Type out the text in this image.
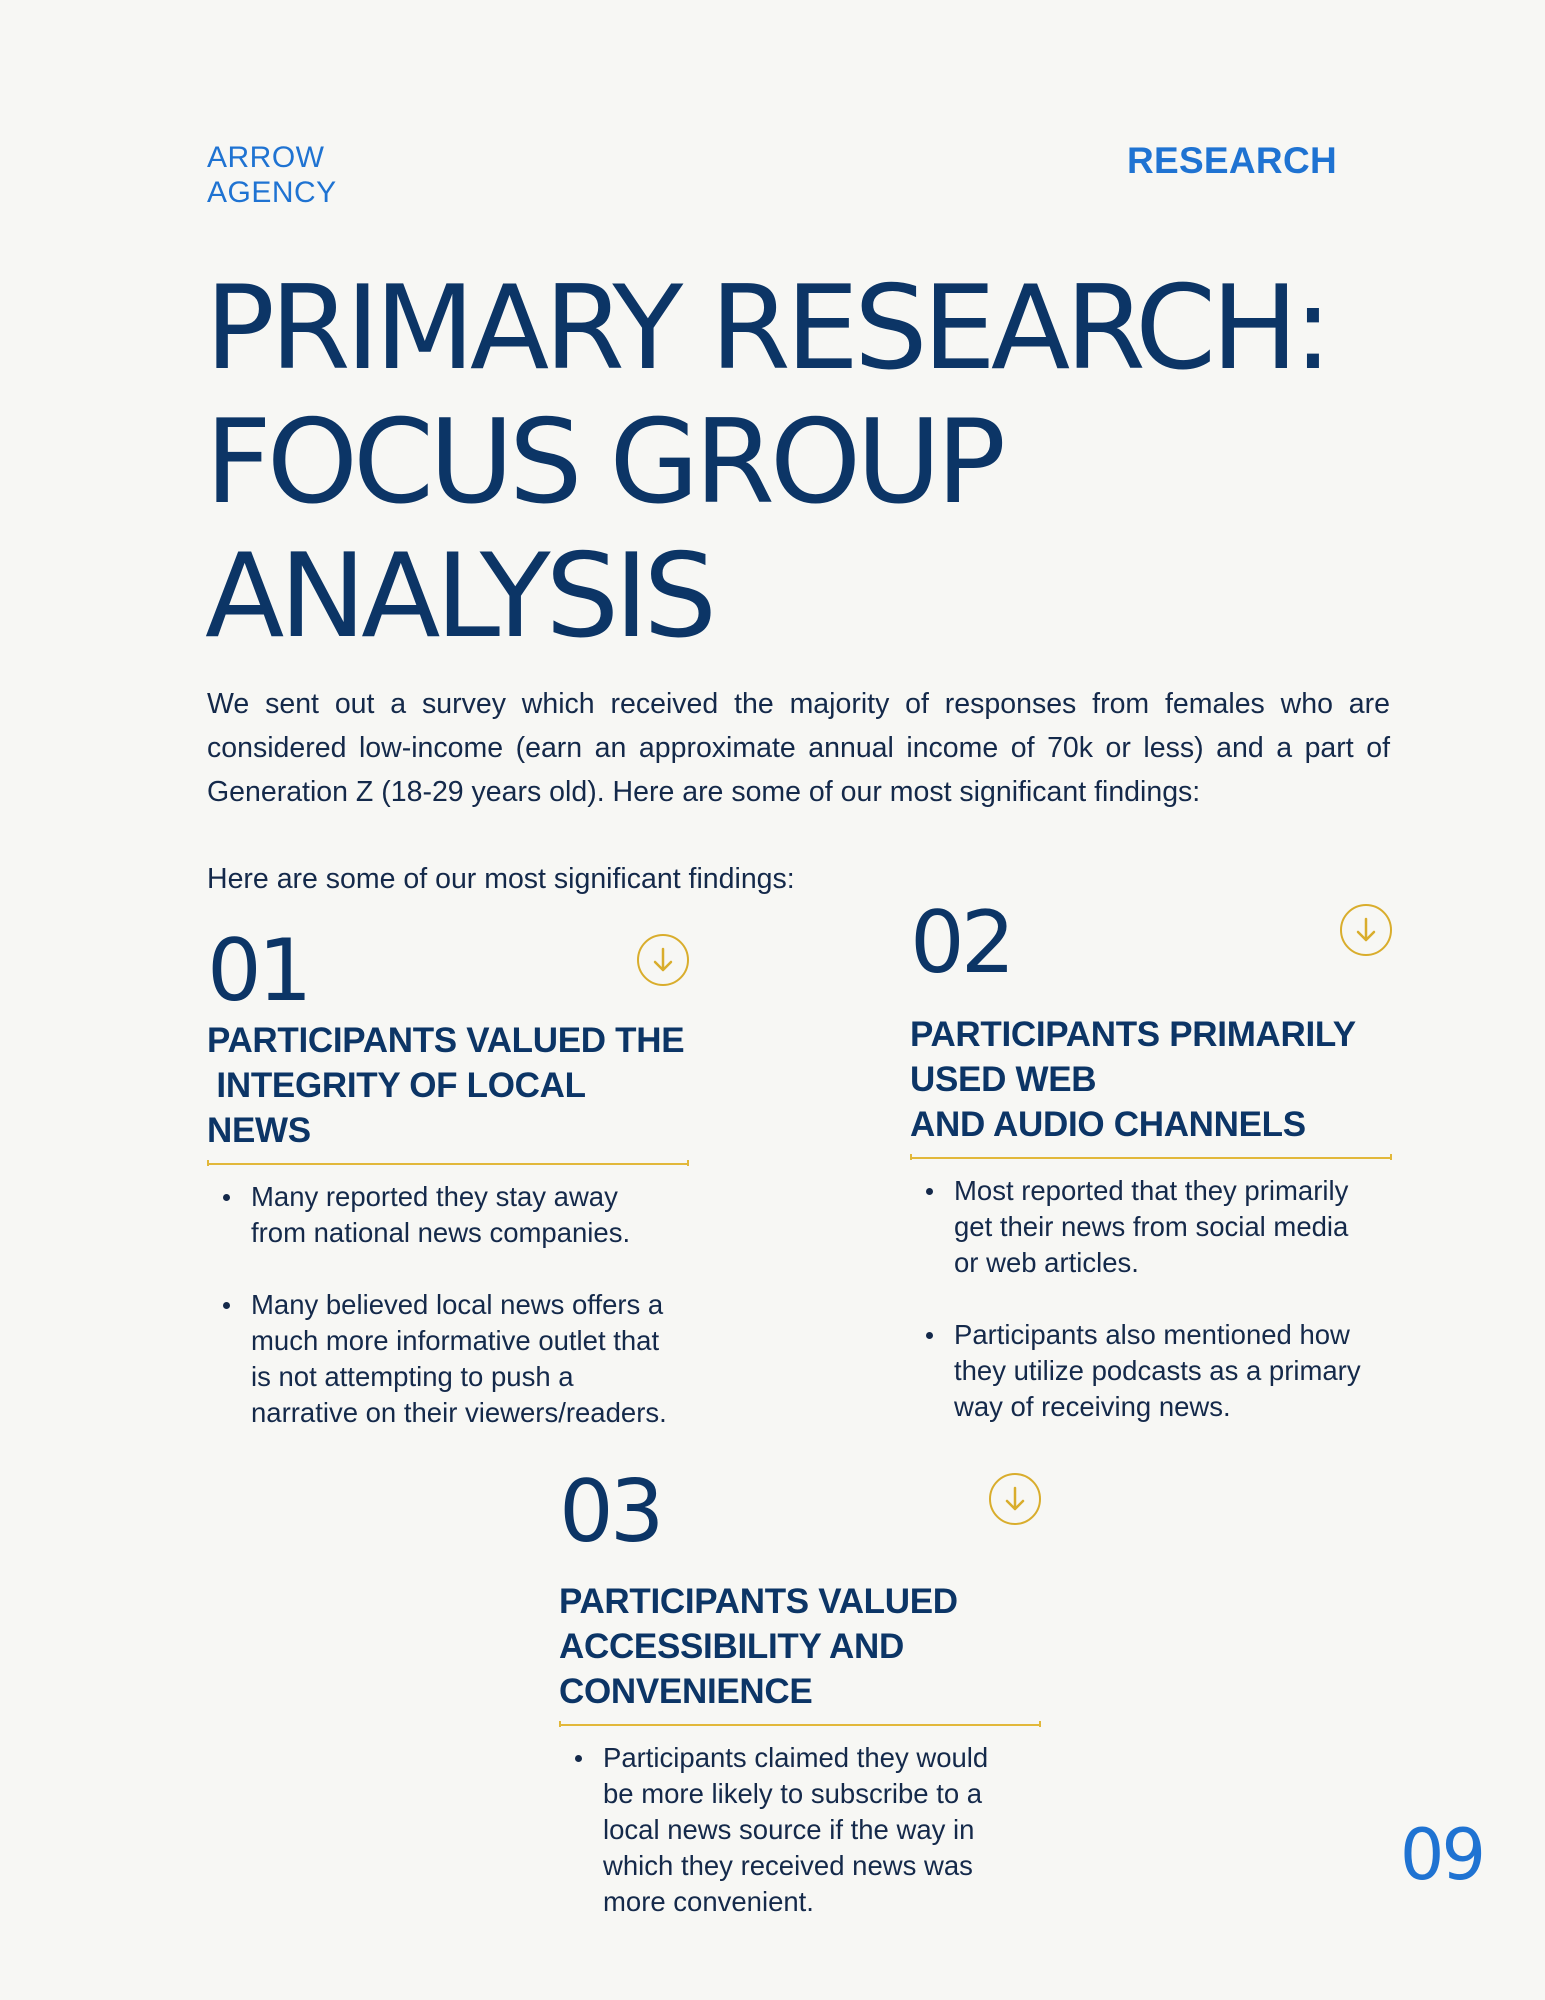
ARROW
AGENCY
RESEARCH
PRIMARY RESEARCH:
FOCUS GROUP
ANALYSIS

We sent out a survey which received the majority of responses from females who are considered low-income (earn an approximate annual income of 70k or less) and a part of Generation Z (18-29 years old). Here are some of our most significant findings:

Here are some of our most significant findings:

01
PARTICIPANTS VALUED THE
INTEGRITY OF LOCAL
NEWS
Many reported they stay away
from national news companies.
Many believed local news offers a
much more informative outlet that
is not attempting to push a
narrative on their viewers/readers.
02
PARTICIPANTS PRIMARILY
USED WEB
AND AUDIO CHANNELS
Most reported that they primarily
get their news from social media
or web articles.
Participants also mentioned how
they utilize podcasts as a primary
way of receiving news.
03
PARTICIPANTS VALUED
ACCESSIBILITY AND
CONVENIENCE
Participants claimed they would
be more likely to subscribe to a
local news source if the way in
which they received news was
more convenient.
09
